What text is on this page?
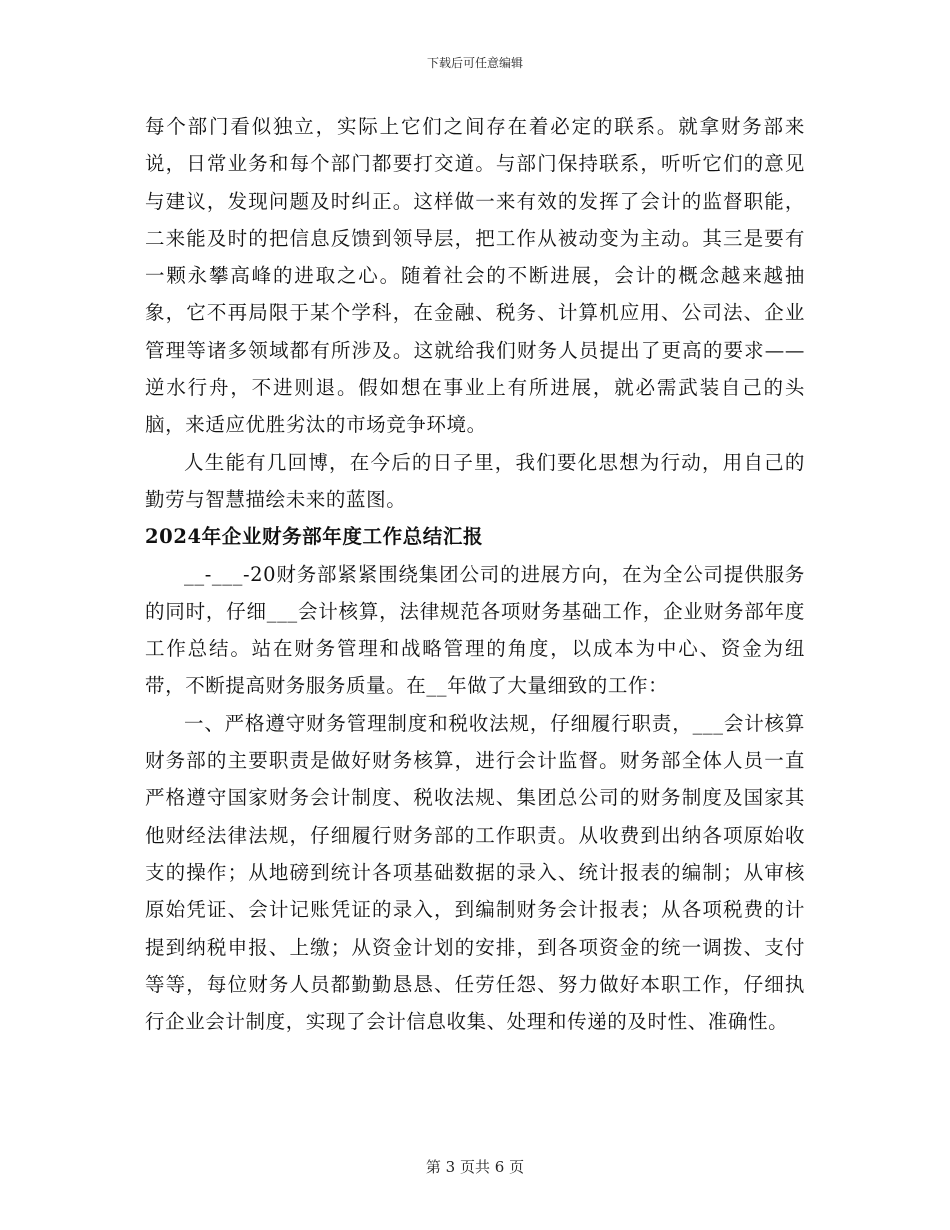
下载后可任意编辑

每个部门看似独立，实际上它们之间存在着必定的联系。就拿财务部来说，日常业务和每个部门都要打交道。与部门保持联系，听听它们的意见与建议，发现问题及时纠正。这样做一来有效的发挥了会计的监督职能，二来能及时的把信息反馈到领导层，把工作从被动变为主动。其三是要有一颗永攀高峰的进取之心。随着社会的不断进展，会计的概念越来越抽象，它不再局限于某个学科，在金融、税务、计算机应用、公司法、企业管理等诸多领域都有所涉及。这就给我们财务人员提出了更高的要求——逆水行舟，不进则退。假如想在事业上有所进展，就必需武装自己的头脑，来适应优胜劣汰的市场竞争环境。

人生能有几回博，在今后的日子里，我们要化思想为行动，用自己的勤劳与智慧描绘未来的蓝图。

2024年企业财务部年度工作总结汇报

__-___-20财务部紧紧围绕集团公司的进展方向，在为全公司提供服务的同时，仔细___会计核算，法律规范各项财务基础工作，企业财务部年度工作总结。站在财务管理和战略管理的角度，以成本为中心、资金为纽带，不断提高财务服务质量。在__年做了大量细致的工作：

一、严格遵守财务管理制度和税收法规，仔细履行职责，___会计核算财务部的主要职责是做好财务核算，进行会计监督。财务部全体人员一直严格遵守国家财务会计制度、税收法规、集团总公司的财务制度及国家其他财经法律法规，仔细履行财务部的工作职责。从收费到出纳各项原始收支的操作；从地磅到统计各项基础数据的录入、统计报表的编制；从审核原始凭证、会计记账凭证的录入，到编制财务会计报表；从各项税费的计提到纳税申报、上缴；从资金计划的安排，到各项资金的统一调拨、支付等等，每位财务人员都勤勤恳恳、任劳任怨、努力做好本职工作，仔细执行企业会计制度，实现了会计信息收集、处理和传递的及时性、准确性。

第 3 页共 6 页
